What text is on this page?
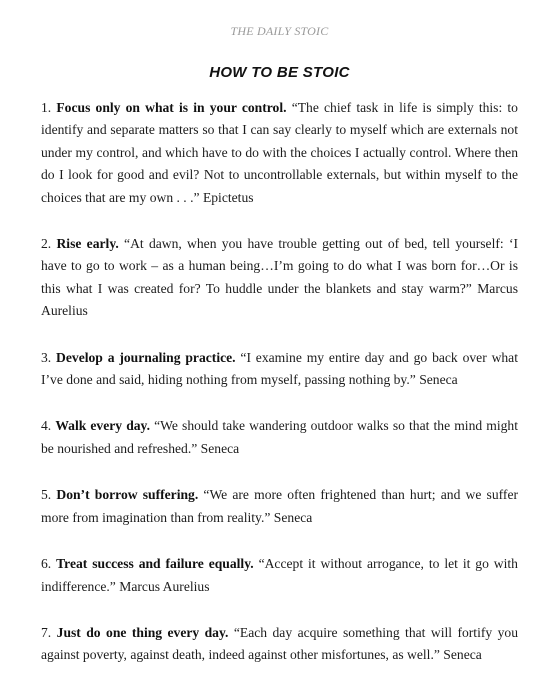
THE DAILY STOIC
HOW TO BE STOIC

1. Focus only on what is in your control. “The chief task in life is simply this: to identify and separate matters so that I can say clearly to myself which are externals not under my control, and which have to do with the choices I actually control. Where then do I look for good and evil? Not to uncontrollable externals, but within myself to the choices that are my own . . .” Epictetus

2. Rise early. “At dawn, when you have trouble getting out of bed, tell yourself: ‘I have to go to work – as a human being…I’m going to do what I was born for…Or is this what I was created for? To huddle under the blankets and stay warm?” Marcus Aurelius

3. Develop a journaling practice. “I examine my entire day and go back over what I’ve done and said, hiding nothing from myself, passing nothing by.” Seneca

4. Walk every day. “We should take wandering outdoor walks so that the mind might be nourished and refreshed.” Seneca

5. Don’t borrow suffering. “We are more often frightened than hurt; and we suffer more from imagination than from reality.” Seneca

6. Treat success and failure equally. “Accept it without arrogance, to let it go with indifference.” Marcus Aurelius

7. Just do one thing every day. “Each day acquire something that will fortify you against poverty, against death, indeed against other misfortunes, as well.” Seneca
